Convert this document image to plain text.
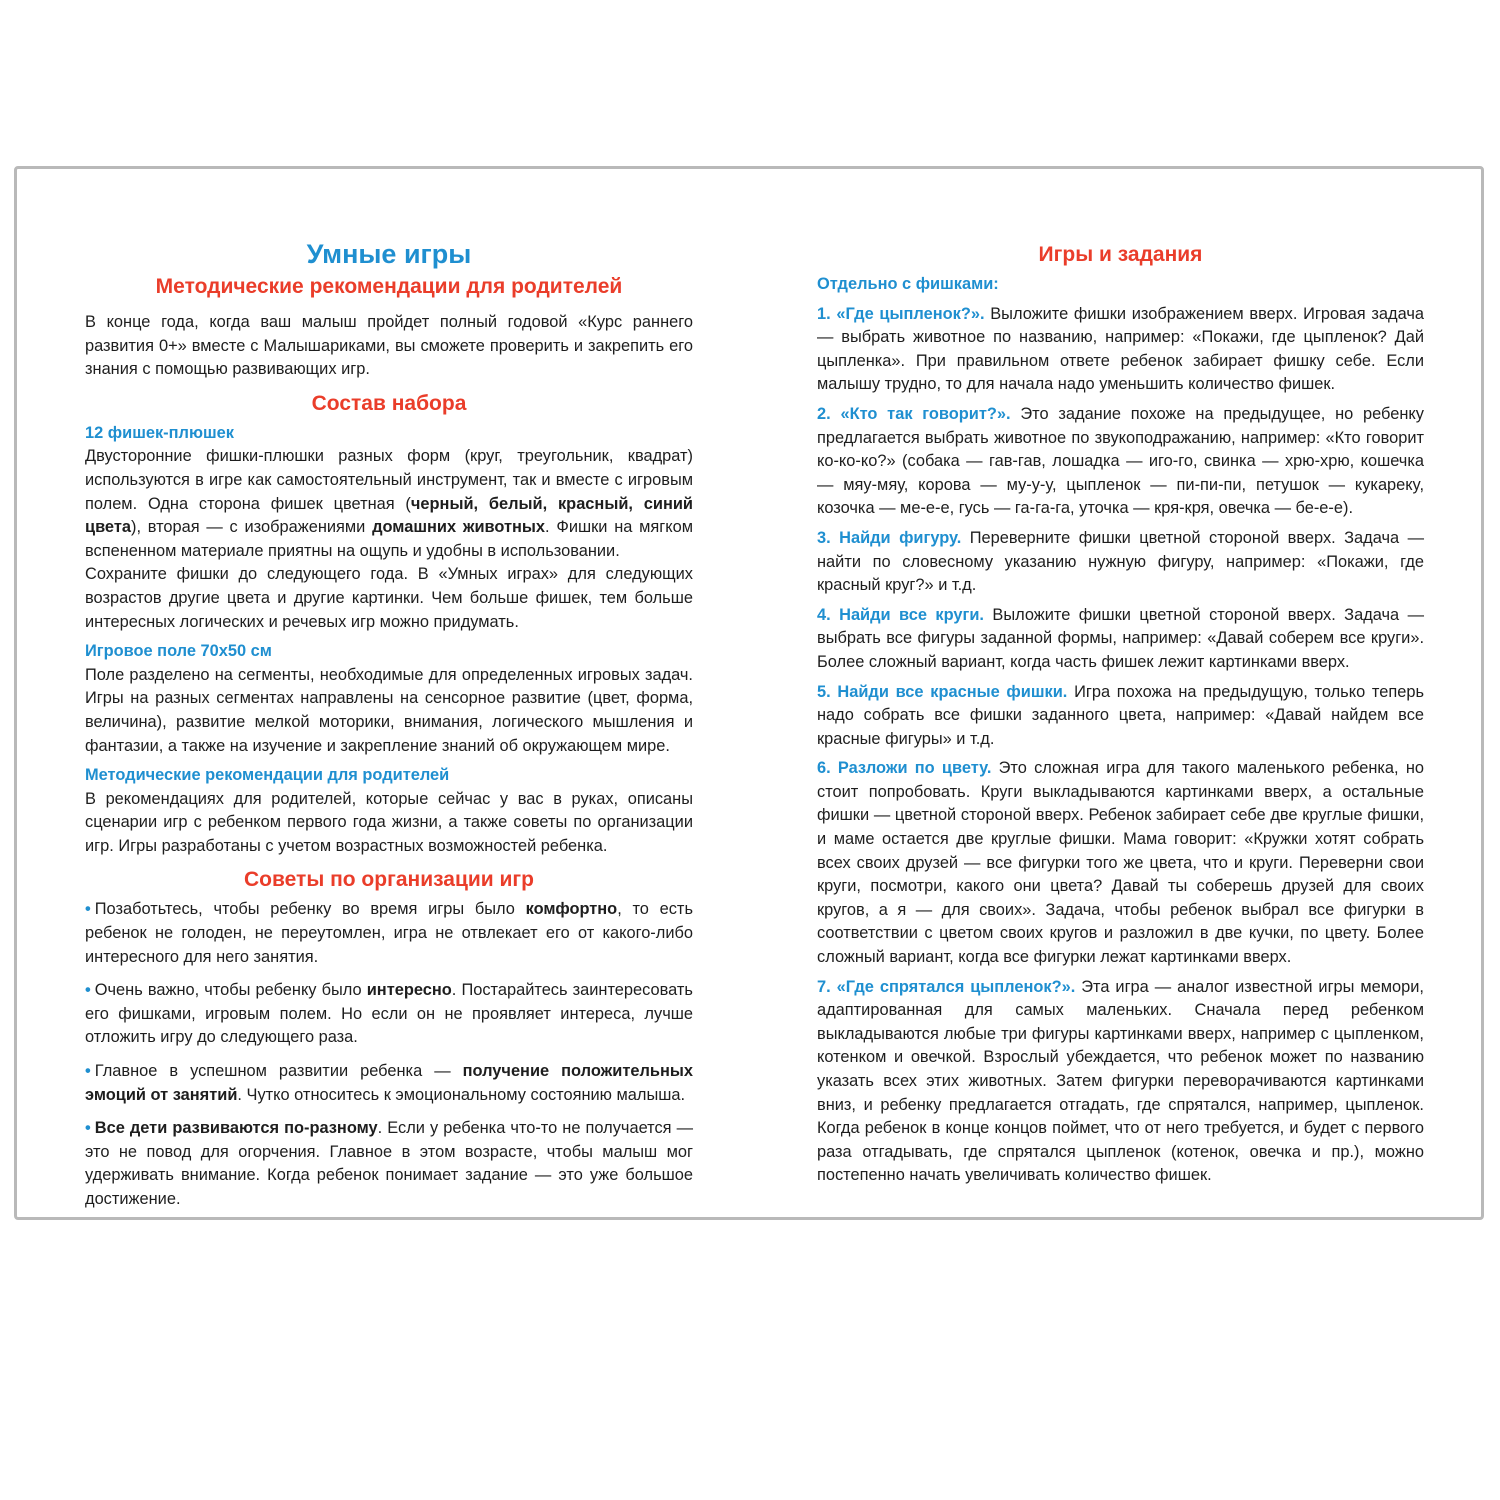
Умные игры
Методические рекомендации для родителей

В конце года, когда ваш малыш пройдет полный годовой «Курс раннего развития 0+» вместе с Малышариками, вы сможете проверить и закрепить его знания с помощью развивающих игр.

Состав набора
12 фишек-плюшек

Двусторонние фишки-плюшки разных форм (круг, треугольник, квадрат) используются в игре как самостоятельный инструмент, так и вместе с игровым полем. Одна сторона фишек цветная (черный, белый, красный, синий цвета), вторая — с изображениями домашних животных. Фишки на мягком вспененном материале приятны на ощупь и удобны в использовании.

Сохраните фишки до следующего года. В «Умных играх» для следующих возрастов другие цвета и другие картинки. Чем больше фишек, тем больше интересных логических и речевых игр можно придумать.

Игровое поле 70х50 см

Поле разделено на сегменты, необходимые для определенных игровых задач. Игры на разных сегментах направлены на сенсорное развитие (цвет, форма, величина), развитие мелкой моторики, внимания, логического мышления и фантазии, а также на изучение и закрепление знаний об окружающем мире.

Методические рекомендации для родителей

В рекомендациях для родителей, которые сейчас у вас в руках, описаны сценарии игр с ребенком первого года жизни, а также советы по организации игр. Игры разработаны с учетом возрастных возможностей ребенка.

Советы по организации игр

• Позаботьтесь, чтобы ребенку во время игры было комфортно, то есть ребенок не голоден, не переутомлен, игра не отвлекает его от какого-либо интересного для него занятия.

• Очень важно, чтобы ребенку было интересно. Постарайтесь заинтересовать его фишками, игровым полем. Но если он не проявляет интереса, лучше отложить игру до следующего раза.

• Главное в успешном развитии ребенка — получение положительных эмоций от занятий. Чутко относитесь к эмоциональному состоянию малыша.

• Все дети развиваются по-разному. Если у ребенка что-то не получается — это не повод для огорчения. Главное в этом возрасте, чтобы малыш мог удерживать внимание. Когда ребенок понимает задание — это уже большое достижение.

Игры и задания
Отдельно с фишками:

1. «Где цыпленок?». Выложите фишки изображением вверх. Игровая задача — выбрать животное по названию, например: «Покажи, где цыпленок? Дай цыпленка». При правильном ответе ребенок забирает фишку себе. Если малышу трудно, то для начала надо уменьшить количество фишек.

2. «Кто так говорит?». Это задание похоже на предыдущее, но ребенку предлагается выбрать животное по звукоподражанию, например: «Кто говорит ко-ко-ко?» (собака — гав-гав, лошадка — иго-го, свинка — хрю-хрю, кошечка — мяу-мяу, корова — му-у-у, цыпленок — пи-пи-пи, петушок — кукарекy, козочка — ме-е-е, гусь — га-га-га, уточка — кря-кря, овечка — бе-е-е).

3. Найди фигуру. Переверните фишки цветной стороной вверх. Задача — найти по словесному указанию нужную фигуру, например: «Покажи, где красный круг?» и т.д.

4. Найди все круги. Выложите фишки цветной стороной вверх. Задача — выбрать все фигуры заданной формы, например: «Давай соберем все круги». Более сложный вариант, когда часть фишек лежит картинками вверх.

5. Найди все красные фишки. Игра похожа на предыдущую, только теперь надо собрать все фишки заданного цвета, например: «Давай найдем все красные фигуры» и т.д.

6. Разложи по цвету. Это сложная игра для такого маленького ребенка, но стоит попробовать. Круги выкладываются картинками вверх, а остальные фишки — цветной стороной вверх. Ребенок забирает себе две круглые фишки, и маме остается две круглые фишки. Мама говорит: «Кружки хотят собрать всех своих друзей — все фигурки того же цвета, что и круги. Переверни свои круги, посмотри, какого они цвета? Давай ты соберешь друзей для своих кругов, а я — для своих». Задача, чтобы ребенок выбрал все фигурки в соответствии с цветом своих кругов и разложил в две кучки, по цвету. Более сложный вариант, когда все фигурки лежат картинками вверх.

7. «Где спрятался цыпленок?». Эта игра — аналог известной игры мемори, адаптированная для самых маленьких. Сначала перед ребенком выкладываются любые три фигуры картинками вверх, например с цыпленком, котенком и овечкой. Взрослый убеждается, что ребенок может по названию указать всех этих животных. Затем фигурки переворачиваются картинками вниз, и ребенку предлагается отгадать, где спрятался, например, цыпленок. Когда ребенок в конце концов поймет, что от него требуется, и будет с первого раза отгадывать, где спрятался цыпленок (котенок, овечка и пр.), можно постепенно начать увеличивать количество фишек.
